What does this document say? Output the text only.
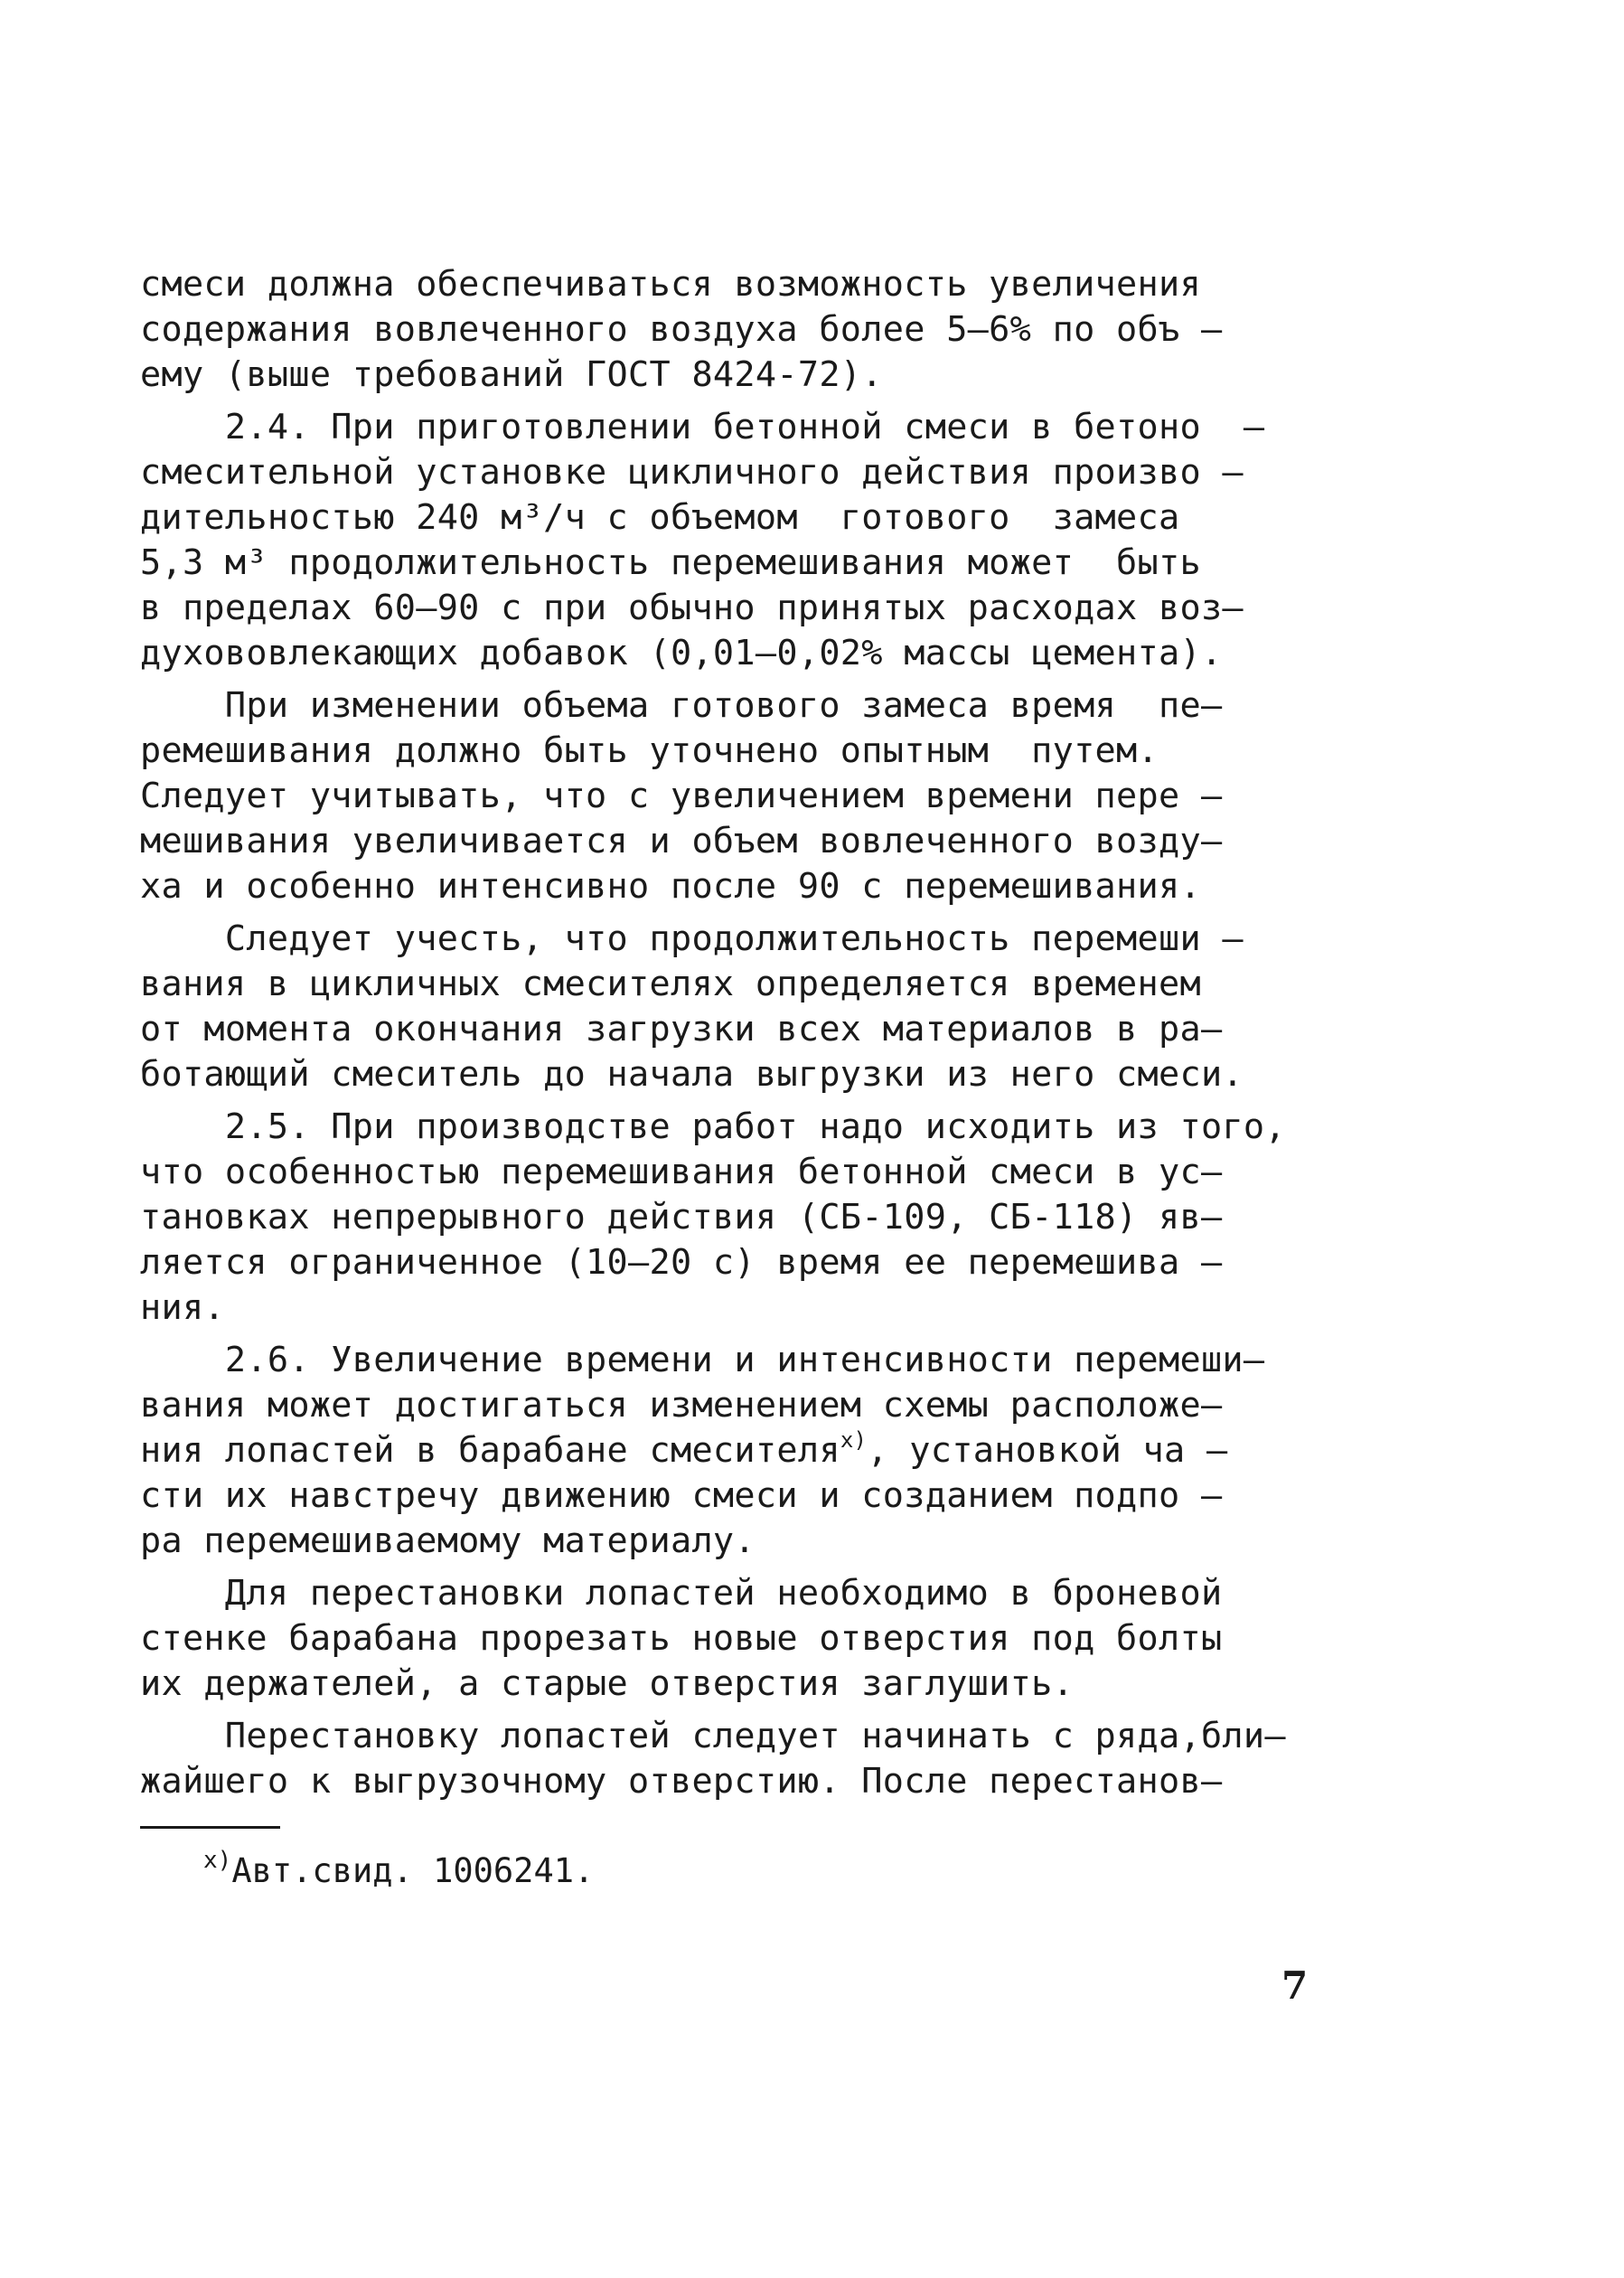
смеси должна обеспечиваться возможность увеличения
содержания вовлеченного воздуха более 5–6% по объ –
ему (выше требований ГОСТ 8424-72).
2.4. При приготовлении бетонной смеси в бетоно  –
смесительной установке цикличного действия произво –
дительностью 240 м³/ч с объемом  готового  замеса
5,3 м³ продолжительность перемешивания может  быть
в пределах 60–90 с при обычно принятых расходах воз–
духововлекающих добавок (0,01–0,02% массы цемента).
При изменении объема готового замеса время  пе–
ремешивания должно быть уточнено опытным  путем.
Следует учитывать, что с увеличением времени пере –
мешивания увеличивается и объем вовлеченного возду–
ха и особенно интенсивно после 90 с перемешивания.
Следует учесть, что продолжительность перемеши –
вания в цикличных смесителях определяется временем
от момента окончания загрузки всех материалов в ра–
ботающий смеситель до начала выгрузки из него смеси.
2.5. При производстве работ надо исходить из того,
что особенностью перемешивания бетонной смеси в ус–
тановках непрерывного действия (СБ-109, СБ-118) яв–
ляется ограниченное (10–20 с) время ее перемешива –
ния.
2.6. Увеличение времени и интенсивности перемеши–
вания может достигаться изменением схемы расположе–
ния лопастей в барабане смесителя$^{x)}$, установкой ча –
сти их навстречу движению смеси и созданием подпо –
ра перемешиваемому материалу.
Для перестановки лопастей необходимо в броневой
стенке барабана прорезать новые отверстия под болты
их держателей, а старые отверстия заглушить.
Перестановку лопастей следует начинать с ряда,бли–
жайшего к выгрузочному отверстию. После перестанов–
$^{x)}$Авт.свид. 1006241.
7
